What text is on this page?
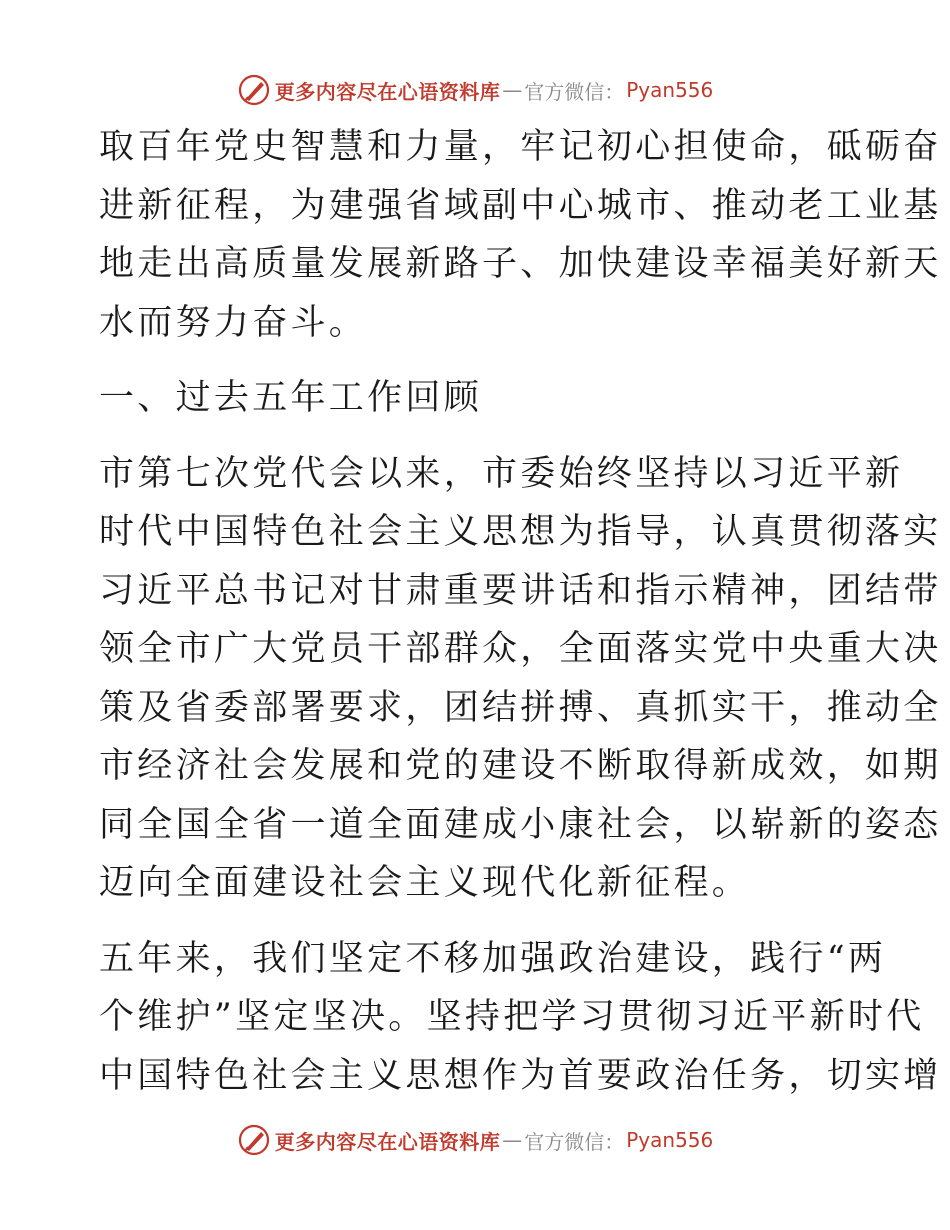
更多内容尽在心语资料库 — 官方微信： Pyan556
取百年党史智慧和力量，牢记初心担使命，砥砺奋
进新征程，为建强省域副中心城市、推动老工业基
地走出高质量发展新路子、加快建设幸福美好新天
水而努力奋斗。
一、过去五年工作回顾
市第七次党代会以来，市委始终坚持以习近平新
时代中国特色社会主义思想为指导，认真贯彻落实
习近平总书记对甘肃重要讲话和指示精神，团结带
领全市广大党员干部群众，全面落实党中央重大决
策及省委部署要求，团结拼搏、真抓实干，推动全
市经济社会发展和党的建设不断取得新成效，如期
同全国全省一道全面建成小康社会，以崭新的姿态
迈向全面建设社会主义现代化新征程。
五年来，我们坚定不移加强政治建设，践行“两
个维护”坚定坚决。坚持把学习贯彻习近平新时代
中国特色社会主义思想作为首要政治任务，切实增
更多内容尽在心语资料库 — 官方微信： Pyan556
